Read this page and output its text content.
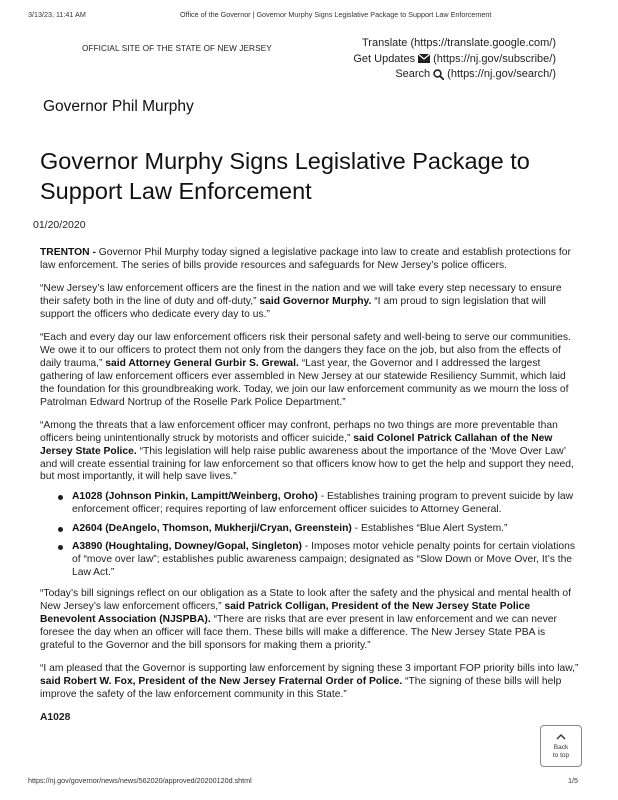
3/13/23, 11:41 AM	Office of the Governor | Governor Murphy Signs Legislative Package to Support Law Enforcement
OFFICIAL SITE OF THE STATE OF NEW JERSEY	Translate (https://translate.google.com/)
Get Updates (https://nj.gov/subscribe/)
Search (https://nj.gov/search/)
Governor Phil Murphy
Governor Murphy Signs Legislative Package to Support Law Enforcement
01/20/2020

TRENTON - Governor Phil Murphy today signed a legislative package into law to create and establish protections for law enforcement. The series of bills provide resources and safeguards for New Jersey’s police officers.

“New Jersey’s law enforcement officers are the finest in the nation and we will take every step necessary to ensure their safety both in the line of duty and off-duty,” said Governor Murphy. “I am proud to sign legislation that will support the officers who dedicate every day to us.”

“Each and every day our law enforcement officers risk their personal safety and well-being to serve our communities. We owe it to our officers to protect them not only from the dangers they face on the job, but also from the effects of daily trauma,” said Attorney General Gurbir S. Grewal. “Last year, the Governor and I addressed the largest gathering of law enforcement officers ever assembled in New Jersey at our statewide Resiliency Summit, which laid the foundation for this groundbreaking work. Today, we join our law enforcement community as we mourn the loss of Patrolman Edward Nortrup of the Roselle Park Police Department.”

“Among the threats that a law enforcement officer may confront, perhaps no two things are more preventable than officers being unintentionally struck by motorists and officer suicide,” said Colonel Patrick Callahan of the New Jersey State Police. “This legislation will help raise public awareness about the importance of the ‘Move Over Law’ and will create essential training for law enforcement so that officers know how to get the help and support they need, but most importantly, it will help save lives.”

A1028 (Johnson Pinkin, Lampitt/Weinberg, Oroho) - Establishes training program to prevent suicide by law enforcement officer; requires reporting of law enforcement officer suicides to Attorney General.
A2604 (DeAngelo, Thomson, Mukherji/Cryan, Greenstein) - Establishes “Blue Alert System.”
A3890 (Houghtaling, Downey/Gopal, Singleton) - Imposes motor vehicle penalty points for certain violations of “move over law”; establishes public awareness campaign; designated as “Slow Down or Move Over, It’s the Law Act.”

“Today’s bill signings reflect on our obligation as a State to look after the safety and the physical and mental health of New Jersey’s law enforcement officers,” said Patrick Colligan, President of the New Jersey State Police Benevolent Association (NJSPBA). “There are risks that are ever present in law enforcement and we can never foresee the day when an officer will face them. These bills will make a difference. The New Jersey State PBA is grateful to the Governor and the bill sponsors for making them a priority.”

“I am pleased that the Governor is supporting law enforcement by signing these 3 important FOP priority bills into law,” said Robert W. Fox, President of the New Jersey Fraternal Order of Police. “The signing of these bills will help improve the safety of the law enforcement community in this State.”

A1028
Back
to top
https://nj.gov/governor/news/news/562020/approved/20200120d.shtml	1/5
